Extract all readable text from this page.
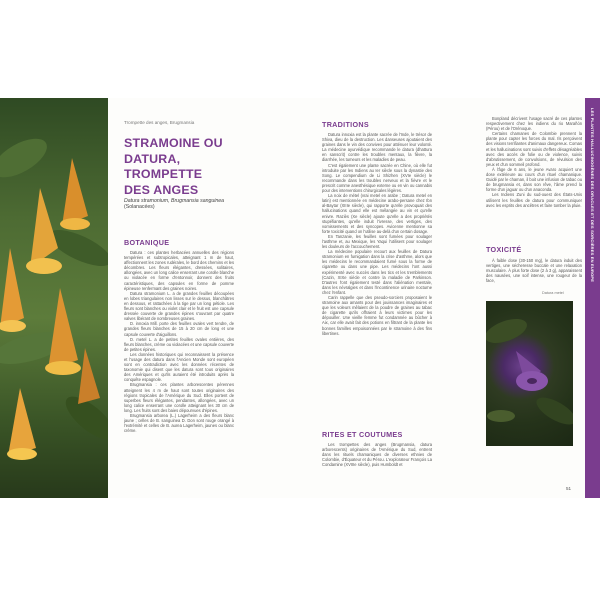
Trompette des anges, Brugmansia
STRAMOINE OU DATURA, TROMPETTE DES ANGES
Datura stramonium, Brugmansia sanguinea
(Solanacées)
BOTANIQUE

Datura : ces plantes herbacées annuelles des régions tempérées et subtropicales, atteignant 1 m de haut, affectionnent les zones rudérales, le bord des chemins et les décombres. Les fleurs élégantes, dressées, solitaires, allongées, avec un long calice enserrant une corolle blanche ou violacée en forme d'entonnoir, donnent des fruits caractéristiques, des capsules en forme de pomme épineuse renfermant des graines noires.

Datura stramonium L. a de grandes feuilles découpées en lobes triangulaires non lisses sur le dessus, blanchâtres en dessous, et rattachées à la tige par un long pétiole. Les fleurs sont blanches ou violet clair et le fruit est une capsule dressée couverte de grandes épines s'ouvrant par quatre valves libérant de nombreuses graines.

D. innoxia Mill. porte des feuilles ovales vert tendre, de grandes fleurs blanches de 15 à 20 cm de long et une capsule couverte d'aiguillons.

D. metel L. a de petites feuilles ovales entières, des fleurs blanches, crème ou violacées et une capsule couverte de petites épines.

Les données historiques qui reconnaissent la présence et l'usage des datura dans l'Ancien Monde sont européen sont en contradiction avec les données récentes de taxonomie qui disent que les datura sont tous originaires des Amériques et qu'ils auraient été introduits après la conquête espagnole.

Brugmansia : ces plantes arborescentes pérennes atteignent les 4 m de haut sont toutes originaires des régions tropicales de l'Amérique du Sud. Elles portent de superbes fleurs élégantes, pendantes, allongées, avec un long calice enserrant une corolle atteignant les 30 cm de long. Les fruits sont des baies dépourvues d'épines.

Brugmansia arborea (L.) Lagerheim a des fleurs blanc jaune ; celles de B. sanguinea D. Don sont rouge orangé à l'extrémité et celles de B. aurea Lagerheim, jaunes ou blanc crème.

TRADITIONS

Datura innoxia est la plante sacrée de l'Inde, le trésor de Shiva, dieu de la destruction. Les danseuses ajoutaient des graines dans le vin des convives pour atténuer leur volonté. La médecine ayurvédique recommande le datura (dhattura en sanscrit) contre les troubles mentaux, la fièvre, la diarrhée, les tumeurs et les maladies de peau.

C'est également une plante sacrée en Chine, où elle fut introduite par les Indiens au Ier siècle sous la dynastie des Song. Le compendium de Li Shizhen (XVIe siècle) le recommande dans les troubles nerveux et la fièvre et le prescrit comme anesthésique externe ou en vin ou cannabis pour des interventions chirurgicales légères.

La noix de métel (vrai metel en arabe ; Datura metel en latin) est mentionnée en médecine arabo-persane chez Ibn al-Baytar (XIIIe siècle), qui rapporte qu'elle provoquait des hallucinations quand elle est mélangée au vin et qu'elle enivre. Raziès (Xe siècle) ajoute qu'elle a des propriétés stupéfiantes, qu'elle induit l'ivresse, des vertiges, des vomissements et des syncopes. Avicenne mentionne sa forte toxicité quand on l'utilise au-delà d'un certain dosage.

En Tanzanie, les feuilles sont fumées pour soulager l'asthme et, au Mexique, les Yaqui l'utilisent pour soulager les douleurs de l'accouchement.

La médecine populaire recourt aux feuilles de Datura stramonium en fumigation dans la crise d'asthme, alors que les médecins le recommandaient fumé sous la forme de cigarette ou dans une pipe. Les médecins l'ont aussi expérimenté avec succès dans les tics et les tremblements (Cazin, XIXe siècle et contre la maladie de Parkinson. D'autres l'ont également testé dans l'aliénation mentale, dans les névralgies et dans l'incontinence urinaire nocturne chez l'enfant.

Carin rappelle que des pseudo-sorciers proposaient le stramoine aux amants pour des jouissances imaginaires et que les voleurs mêlaient de la poudre de graines au tabac de cigarette qu'ils offraient à leurs victimes pour les dépouiller. Une vieille femme fut condamnée au bûcher à Aix, car elle avait fait des potions en filtrant de la plante les bonnes familles empoisonnées par le stramoine à des fins libertines.

RITES ET COUTUMES

Les trompettes des anges (Brugmansia, datura arborescents) originaires de l'Amérique du Sud, entrent dans les rituels chamaniques de diverses ethnies de Colombie, d'Équateur et du Pérou. L'explorateur François La Condamine (XVIIIe siècle), puis Humboldt et

Bonpland décrivent l'usage sacré de ces plantes respectivement chez les indiens du rio Marañón (Pérou) et de l'Orénoque.

Certains chamanes de Colombie prennent la plante pour capter les forces du mal. Ils perçoivent des visions terrifiantes d'animaux dangereux. Comas et les hallucinations sont suivis d'effets désagréables avec des accès de folie ou de violence, suivis d'abrutissement, de convulsions, de révulsion des yeux et d'un sommeil profond.

À l'âge de 6 ans, le jeune Avaro acquiert une dose extérieure au cours d'un rituel chamanique. Guidé par le chaman, il boit une infusion de tabac ou de brugmansia et, dans son rêve, l'âme prend la forme d'un jaguar ou d'un anaconda.

Les Indiens Zuni du sud-ouest des États-Unis utilisent les feuilles de datura pour communiquer avec les esprits des ancêtres et faire tomber la pluie.

TOXICITÉ

À faible dose (30-150 mg), le datura induit des vertiges, une sécheresse buccale et une relaxation musculaire. À plus forte dose (2 à 3 g), apparaissent des nausées, une soif intense, une rougeur de la face,

Datura metel
LES PLANTES HALLUCINOGÈNES DES ORACLES ET DES SORCIÈRES EN EUROPE
51
